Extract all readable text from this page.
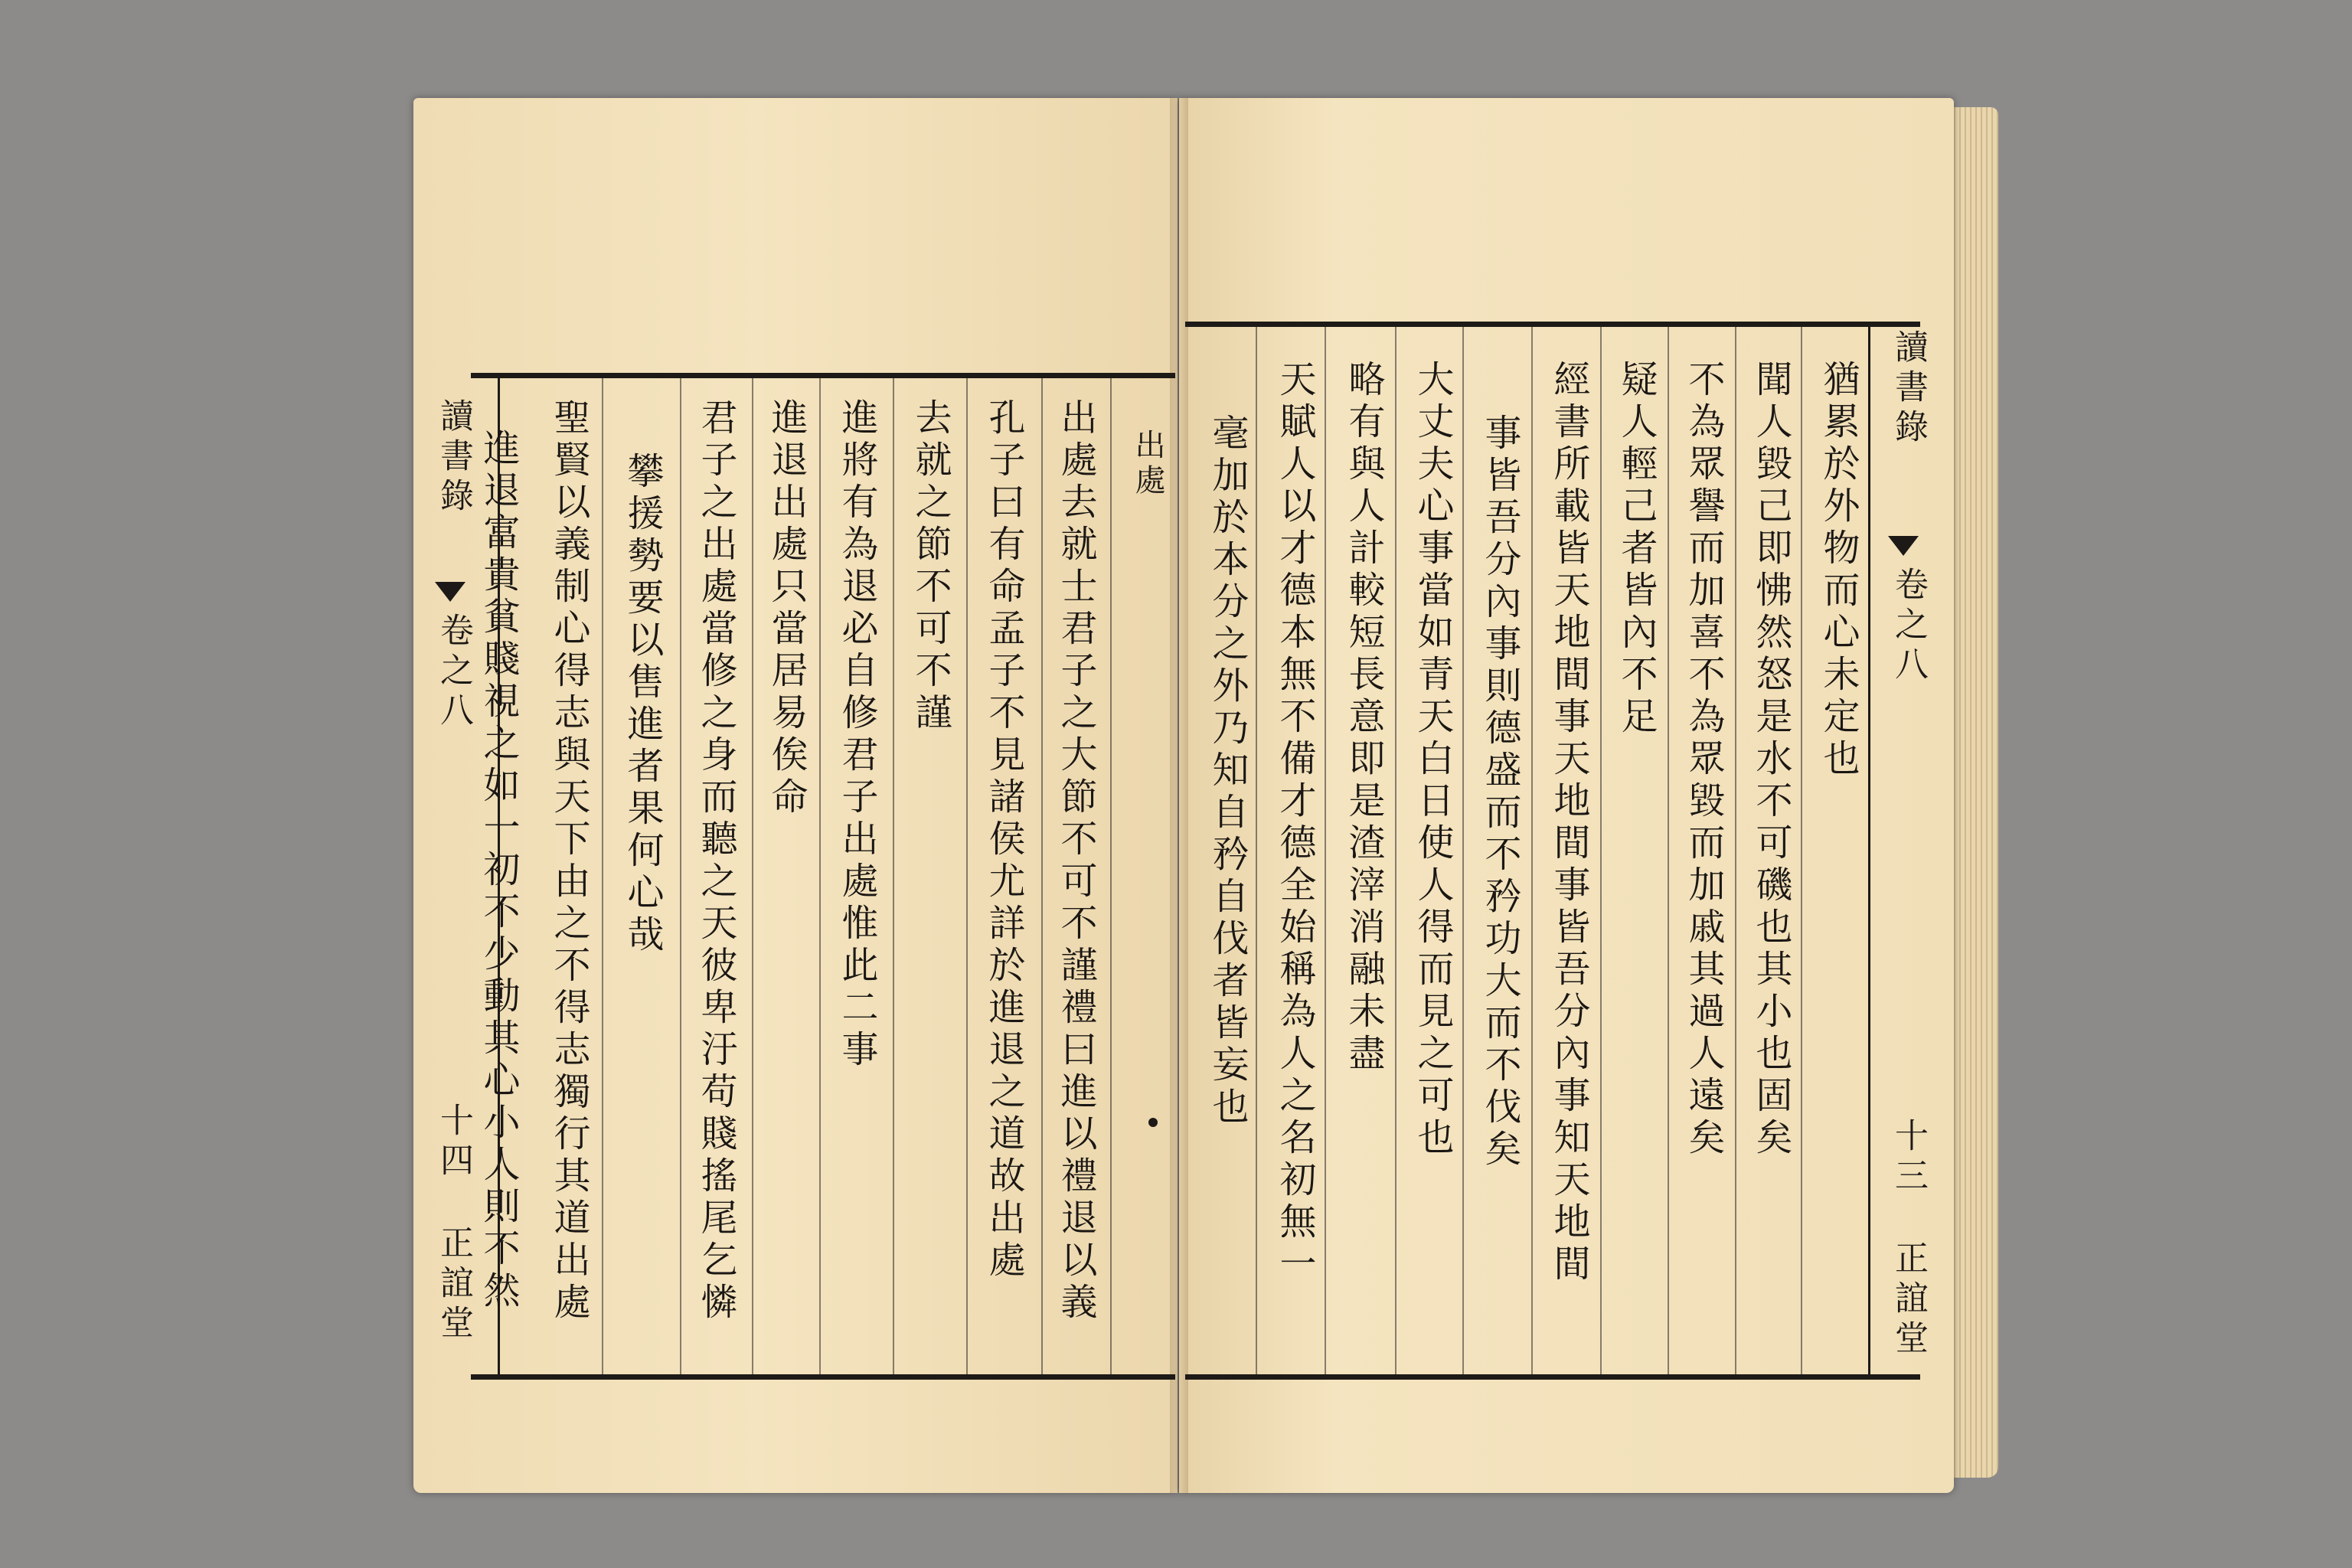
讀書錄
卷之八
十四
正誼堂
出處
出處去就士君子之大節不可不謹禮曰進以禮退以義
孔子曰有命孟子不見諸侯尤詳於進退之道故出處
去就之節不可不謹
進將有為退必自修君子出處惟此二事
進退出處只當居易俟命
君子之出處當修之身而聽之天彼卑汙苟賤搖尾乞憐
攀援勢要以售進者果何心哉
聖賢以義制心得志與天下由之不得志獨行其道出處
進退富貴貧賤視之如一初不少動其心小人則不然	猶累於外物而心未定也
聞人毀己即怫然怒是水不可磯也其小也固矣
不為眾譽而加喜不為眾毀而加戚其過人遠矣
疑人輕己者皆內不足
經書所載皆天地間事天地間事皆吾分內事知天地間
事皆吾分內事則德盛而不矜功大而不伐矣
大丈夫心事當如青天白日使人得而見之可也
略有與人計較短長意即是渣滓消融未盡
天賦人以才德本無不備才德全始稱為人之名初無一
毫加於本分之外乃知自矜自伐者皆妄也
讀書錄
卷之八
十三
正誼堂
